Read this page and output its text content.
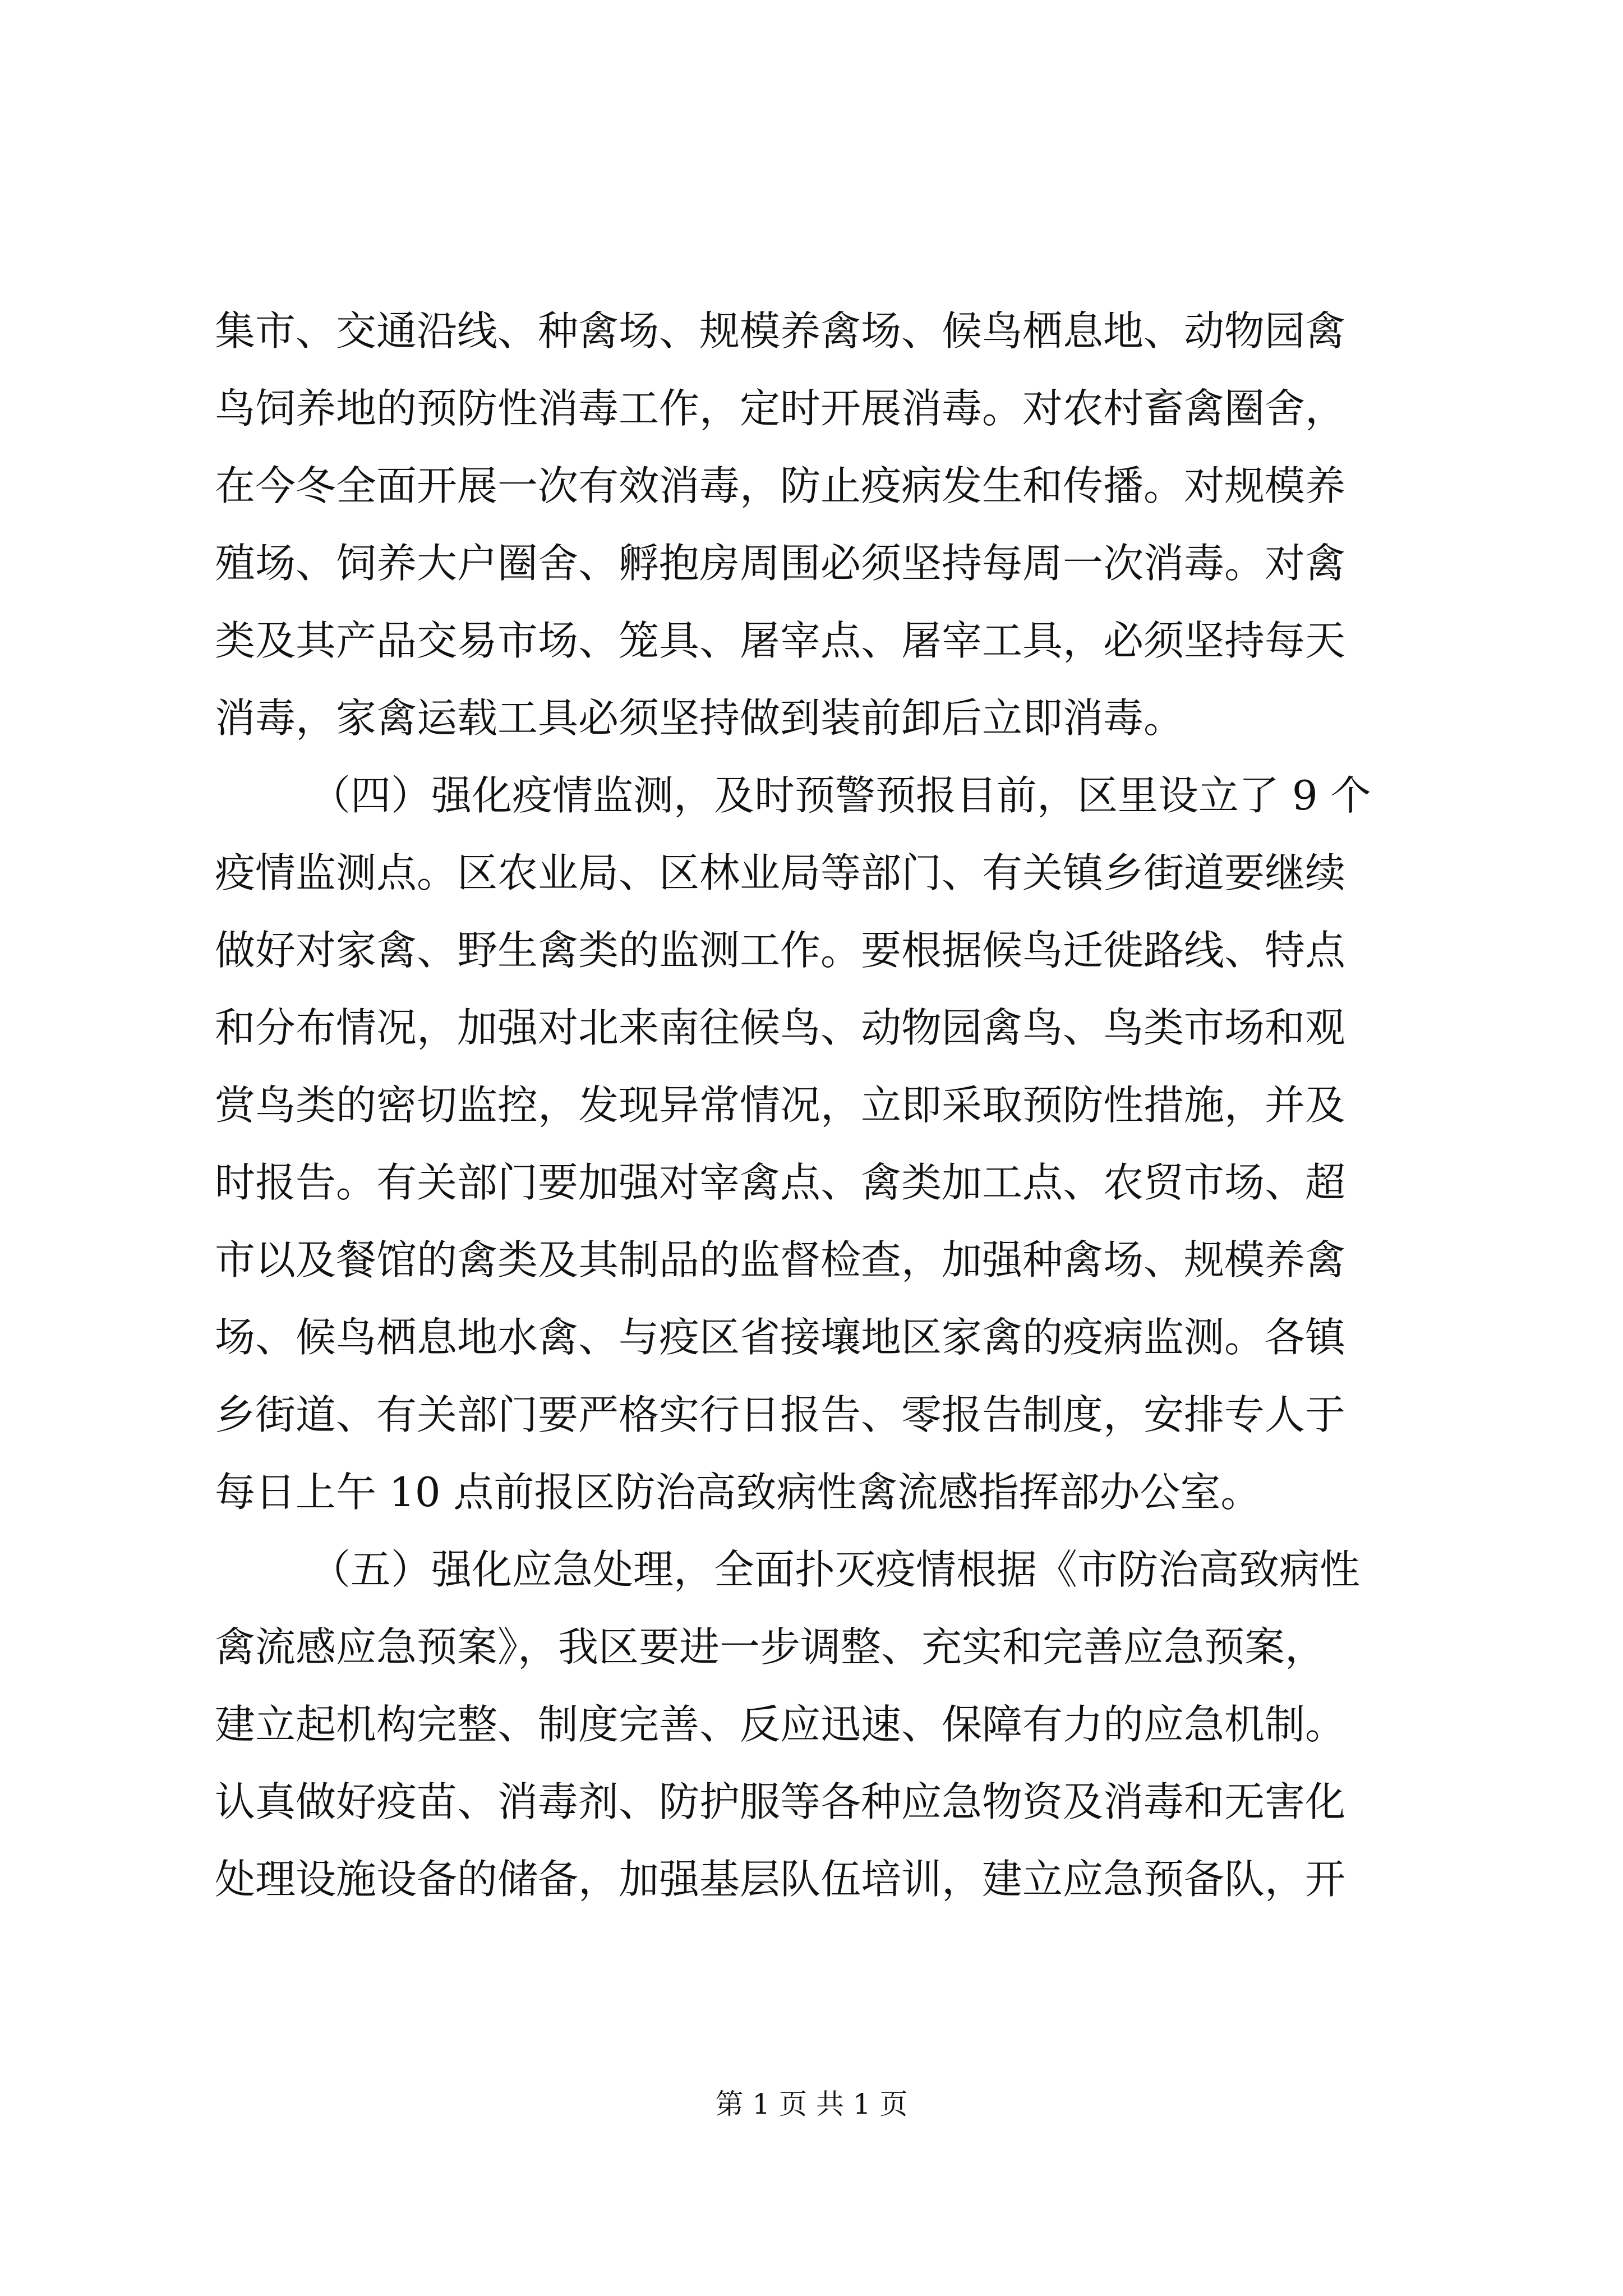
集市、交通沿线、种禽场、规模养禽场、候鸟栖息地、动物园禽

鸟饲养地的预防性消毒工作，定时开展消毒。对农村畜禽圈舍，

在今冬全面开展一次有效消毒，防止疫病发生和传播。对规模养

殖场、饲养大户圈舍、孵抱房周围必须坚持每周一次消毒。对禽

类及其产品交易市场、笼具、屠宰点、屠宰工具，必须坚持每天

消毒，家禽运载工具必须坚持做到装前卸后立即消毒。

（四）强化疫情监测，及时预警预报目前，区里设立了 9 个

疫情监测点。区农业局、区林业局等部门、有关镇乡街道要继续

做好对家禽、野生禽类的监测工作。要根据候鸟迁徙路线、特点

和分布情况，加强对北来南往候鸟、动物园禽鸟、鸟类市场和观

赏鸟类的密切监控，发现异常情况，立即采取预防性措施，并及

时报告。有关部门要加强对宰禽点、禽类加工点、农贸市场、超

市以及餐馆的禽类及其制品的监督检查，加强种禽场、规模养禽

场、候鸟栖息地水禽、与疫区省接壤地区家禽的疫病监测。各镇

乡街道、有关部门要严格实行日报告、零报告制度，安排专人于

每日上午 10 点前报区防治高致病性禽流感指挥部办公室。

（五）强化应急处理，全面扑灭疫情根据《市防治高致病性

禽流感应急预案》，我区要进一步调整、充实和完善应急预案，

建立起机构完整、制度完善、反应迅速、保障有力的应急机制。

认真做好疫苗、消毒剂、防护服等各种应急物资及消毒和无害化

处理设施设备的储备，加强基层队伍培训，建立应急预备队，开

第 1 页 共 1 页
